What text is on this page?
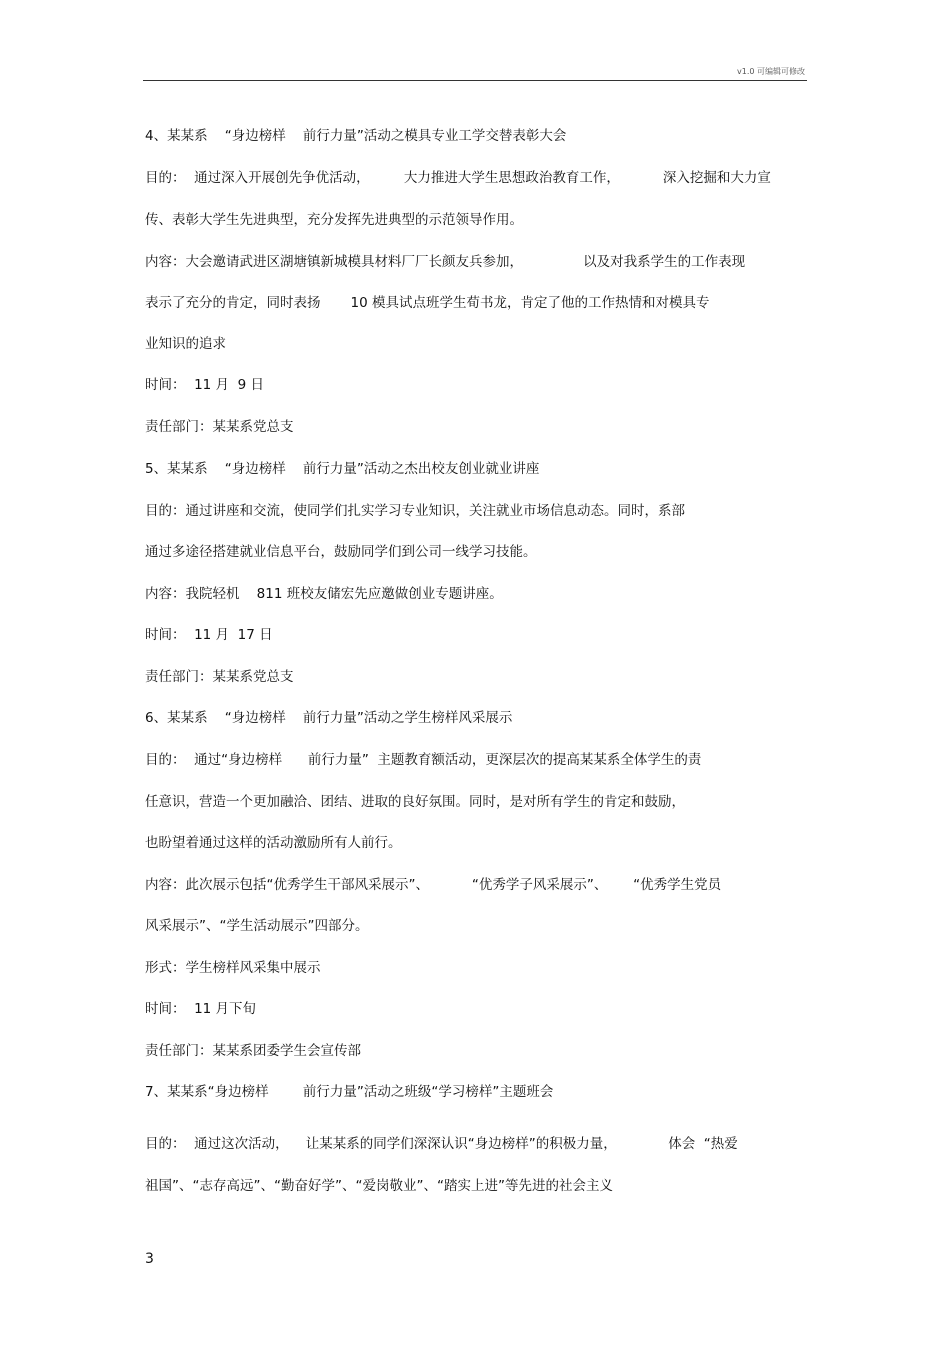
v1.0 可编辑可修改
4、某某系    “身边榜样    前行力量”活动之模具专业工学交替表彰大会
目的：  通过深入开展创先争优活动，        大力推进大学生思想政治教育工作，          深入挖掘和大力宣
传、表彰大学生先进典型，充分发挥先进典型的示范领导作用。
内容：大会邀请武进区湖塘镇新城模具材料厂厂长颜友兵参加，              以及对我系学生的工作表现
表示了充分的肯定，同时表扬       10 模具试点班学生荀书龙，肯定了他的工作热情和对模具专
业知识的追求
时间：  11 月  9 日
责任部门：某某系党总支
5、某某系    “身边榜样    前行力量”活动之杰出校友创业就业讲座
目的：通过讲座和交流，使同学们扎实学习专业知识，关注就业市场信息动态。同时，系部
通过多途径搭建就业信息平台，鼓励同学们到公司一线学习技能。
内容：我院轻机    811 班校友储宏先应邀做创业专题讲座。
时间：  11 月  17 日
责任部门：某某系党总支
6、某某系    “身边榜样    前行力量”活动之学生榜样风采展示
目的：  通过“身边榜样      前行力量”  主题教育额活动，更深层次的提高某某系全体学生的责
任意识，营造一个更加融洽、团结、进取的良好氛围。同时，是对所有学生的肯定和鼓励，
也盼望着通过这样的活动激励所有人前行。
内容：此次展示包括“优秀学生干部风采展示”、          “优秀学子风采展示”、      “优秀学生党员
风采展示”、“学生活动展示”四部分。
形式：学生榜样风采集中展示
时间：  11 月下旬
责任部门：某某系团委学生会宣传部
7、某某系“身边榜样        前行力量”活动之班级“学习榜样”主题班会
目的：  通过这次活动，    让某某系的同学们深深认识“身边榜样”的积极力量，            体会  “热爱
祖国”、“志存高远”、“勤奋好学”、“爱岗敬业”、“踏实上进”等先进的社会主义
3
